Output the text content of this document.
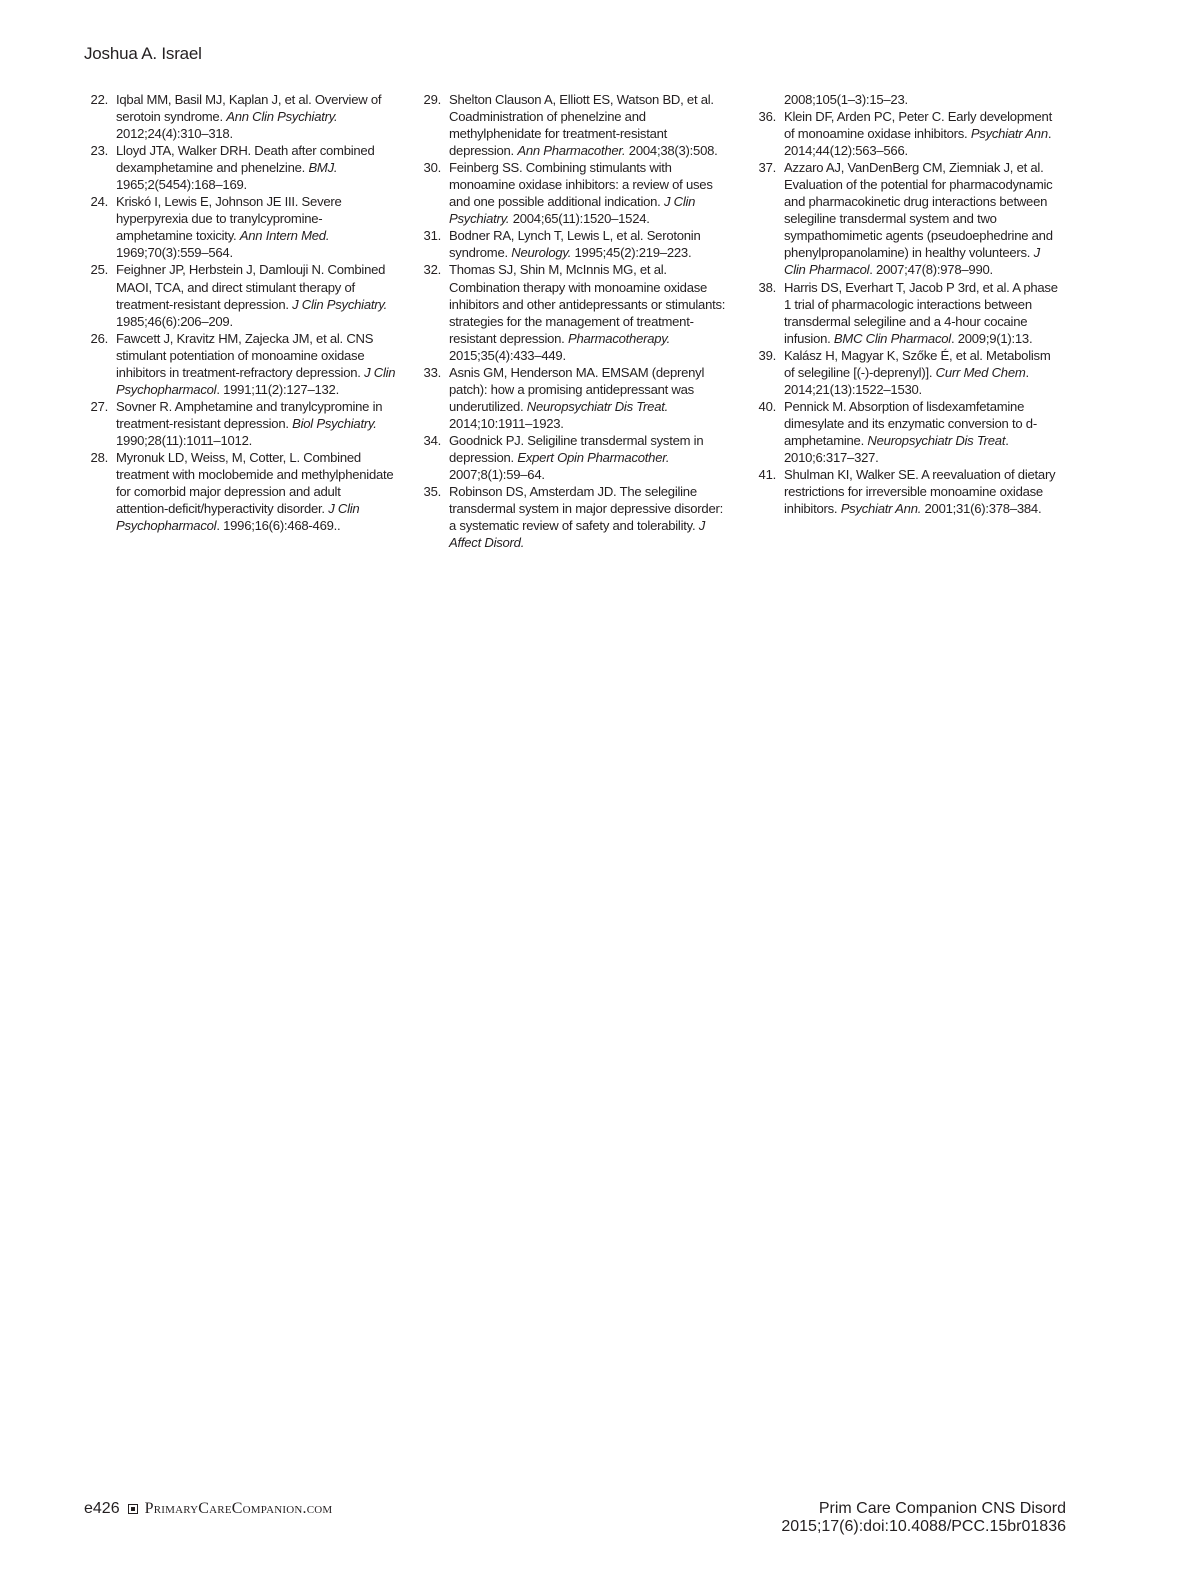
Joshua A. Israel
22. Iqbal MM, Basil MJ, Kaplan J, et al. Overview of serotoin syndrome. Ann Clin Psychiatry. 2012;24(4):310–318.
23. Lloyd JTA, Walker DRH. Death after combined dexamphetamine and phenelzine. BMJ. 1965;2(5454):168–169.
24. Kriskó I, Lewis E, Johnson JE III. Severe hyperpyrexia due to tranylcypromine-amphetamine toxicity. Ann Intern Med. 1969;70(3):559–564.
25. Feighner JP, Herbstein J, Damlouji N. Combined MAOI, TCA, and direct stimulant therapy of treatment-resistant depression. J Clin Psychiatry. 1985;46(6):206–209.
26. Fawcett J, Kravitz HM, Zajecka JM, et al. CNS stimulant potentiation of monoamine oxidase inhibitors in treatment-refractory depression. J Clin Psychopharmacol. 1991;11(2):127–132.
27. Sovner R. Amphetamine and tranylcypromine in treatment-resistant depression. Biol Psychiatry. 1990;28(11):1011–1012.
28. Myronuk LD, Weiss, M, Cotter, L. Combined treatment with moclobemide and methylphenidate for comorbid major depression and adult attention-deficit/hyperactivity disorder. J Clin Psychopharmacol. 1996;16(6):468-469..
29. Shelton Clauson A, Elliott ES, Watson BD, et al. Coadministration of phenelzine and methylphenidate for treatment-resistant depression. Ann Pharmacother. 2004;38(3):508.
30. Feinberg SS. Combining stimulants with monoamine oxidase inhibitors: a review of uses and one possible additional indication. J Clin Psychiatry. 2004;65(11):1520–1524.
31. Bodner RA, Lynch T, Lewis L, et al. Serotonin syndrome. Neurology. 1995;45(2):219–223.
32. Thomas SJ, Shin M, McInnis MG, et al. Combination therapy with monoamine oxidase inhibitors and other antidepressants or stimulants: strategies for the management of treatment-resistant depression. Pharmacotherapy. 2015;35(4):433–449.
33. Asnis GM, Henderson MA. EMSAM (deprenyl patch): how a promising antidepressant was underutilized. Neuropsychiatr Dis Treat. 2014;10:1911–1923.
34. Goodnick PJ. Seligiline transdermal system in depression. Expert Opin Pharmacother. 2007;8(1):59–64.
35. Robinson DS, Amsterdam JD. The selegiline transdermal system in major depressive disorder: a systematic review of safety and tolerability. J Affect Disord.
2008;105(1–3):15–23.
36. Klein DF, Arden PC, Peter C. Early development of monoamine oxidase inhibitors. Psychiatr Ann. 2014;44(12):563–566.
37. Azzaro AJ, VanDenBerg CM, Ziemniak J, et al. Evaluation of the potential for pharmacodynamic and pharmacokinetic drug interactions between selegiline transdermal system and two sympathomimetic agents (pseudoephedrine and phenylpropanolamine) in healthy volunteers. J Clin Pharmacol. 2007;47(8):978–990.
38. Harris DS, Everhart T, Jacob P 3rd, et al. A phase 1 trial of pharmacologic interactions between transdermal selegiline and a 4-hour cocaine infusion. BMC Clin Pharmacol. 2009;9(1):13.
39. Kalász H, Magyar K, Szőke É, et al. Metabolism of selegiline [(-)-deprenyl)]. Curr Med Chem. 2014;21(13):1522–1530.
40. Pennick M. Absorption of lisdexamfetamine dimesylate and its enzymatic conversion to d-amphetamine. Neuropsychiatr Dis Treat. 2010;6:317–327.
41. Shulman KI, Walker SE. A reevaluation of dietary restrictions for irreversible monoamine oxidase inhibitors. Psychiatr Ann. 2001;31(6):378–384.
e426 PrimaryCareCompanion.com	Prim Care Companion CNS Disord
2015;17(6):doi:10.4088/PCC.15br01836
